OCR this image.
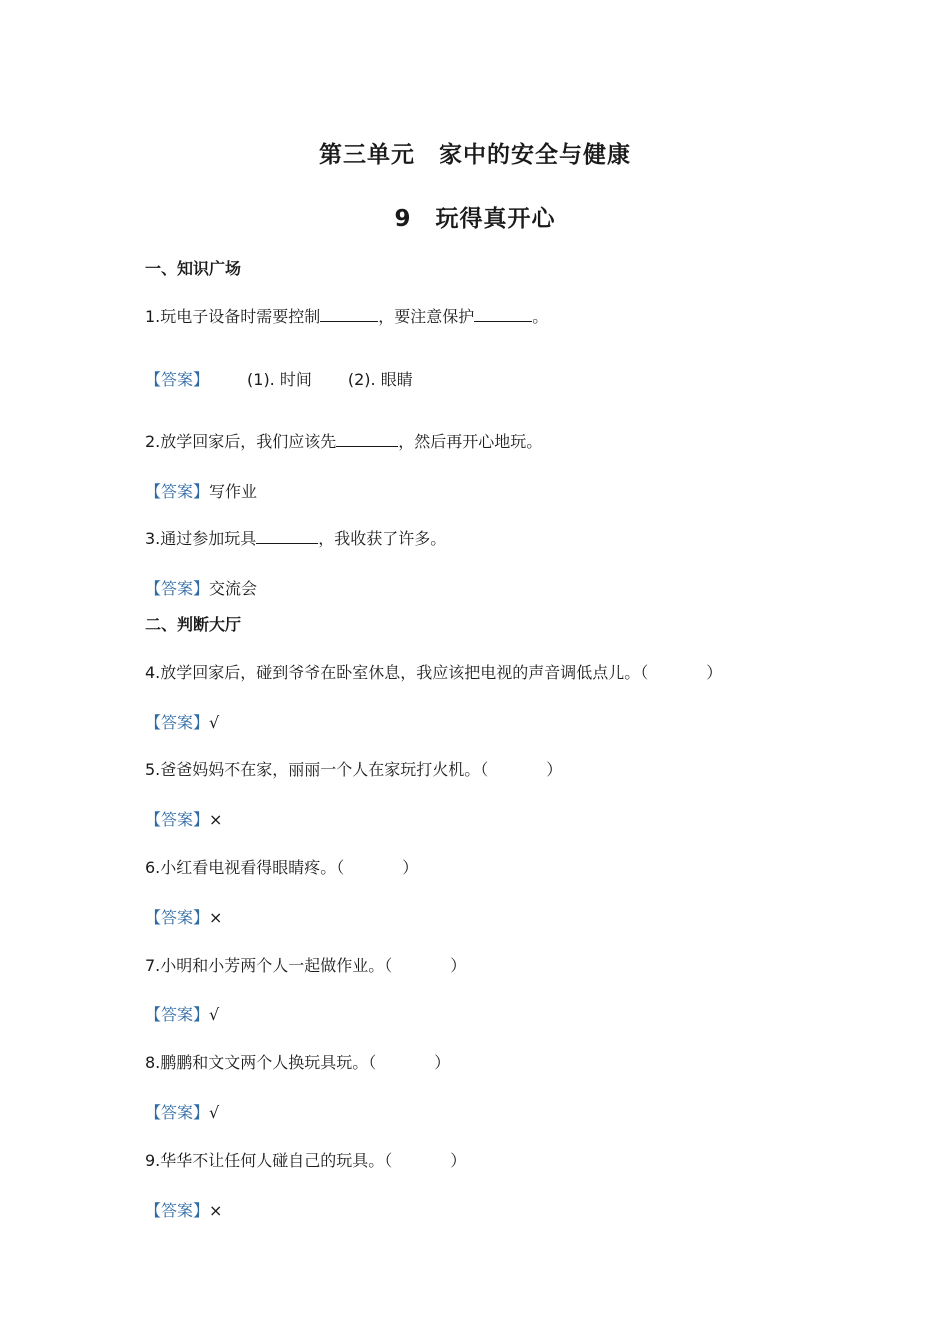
第三单元　家中的安全与健康
9　玩得真开心
一、知识广场
1.玩电子设备时需要控制	，要注意保护	。
【答案】 (1). 时间 (2). 眼睛
2.放学回家后，我们应该先	，然后再开心地玩。
【答案】写作业
3.通过参加玩具	，我收获了许多。
【答案】交流会
二、判断大厅
4.放学回家后，碰到爷爷在卧室休息，我应该把电视的声音调低点儿。（	）
【答案】√
5.爸爸妈妈不在家，丽丽一个人在家玩打火机。（	）
【答案】×
6.小红看电视看得眼睛疼。（	）
【答案】×
7.小明和小芳两个人一起做作业。（	）
【答案】√
8.鹏鹏和文文两个人换玩具玩。（	）
【答案】√
9.华华不让任何人碰自己的玩具。（	）
【答案】×
